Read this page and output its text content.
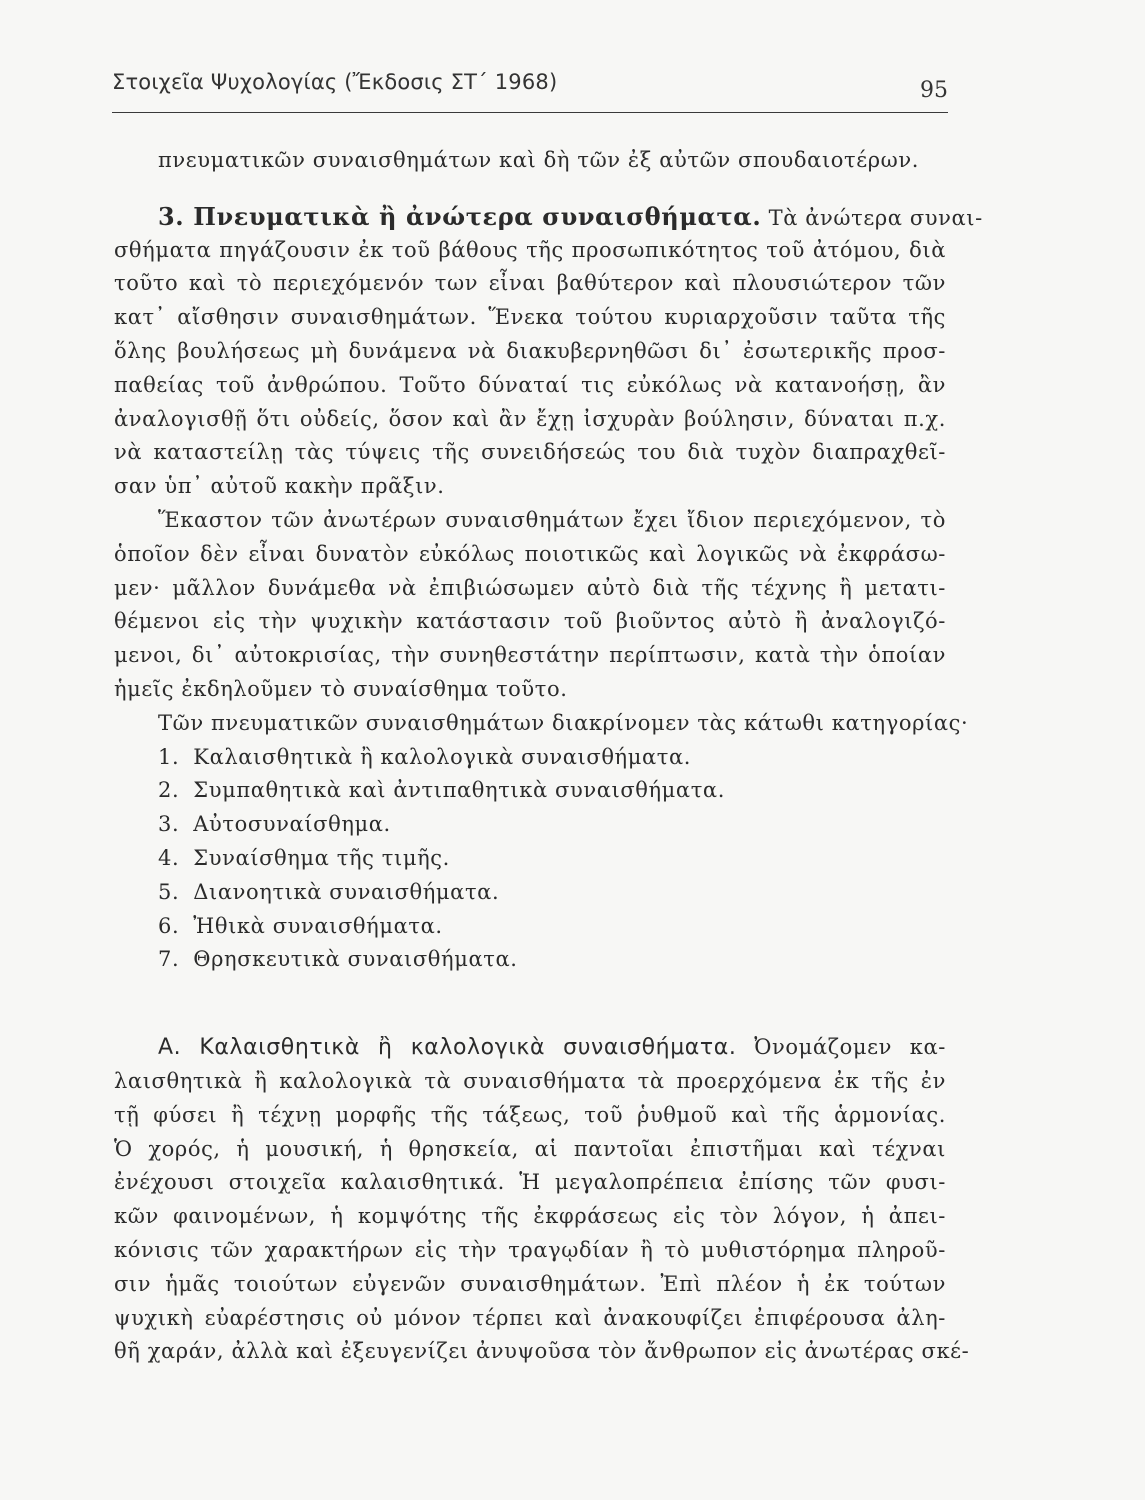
Στοιχεῖα Ψυχολογίας (Ἔκδοσις ΣΤ΄ 1968)	95
πνευματικῶν συναισθημάτων καὶ δὴ τῶν ἐξ αὐτῶν σπουδαιοτέρων.
3. Πνευματικὰ ἢ ἀνώτερα συναισθήματα. Τὰ ἀνώτερα συναι-
σθήματα πηγάζουσιν ἐκ τοῦ βάθους τῆς προσωπικότητος τοῦ ἀτόμου, διὰ
τοῦτο καὶ τὸ περιεχόμενόν των εἶναι βαθύτερον καὶ πλουσιώτερον τῶν
κατ᾽ αἴσθησιν συναισθημάτων. Ἕνεκα τούτου κυριαρχοῦσιν ταῦτα τῆς
ὅλης βουλήσεως μὴ δυνάμενα νὰ διακυβερνηθῶσι δι᾽ ἐσωτερικῆς προσ-
παθείας τοῦ ἀνθρώπου. Τοῦτο δύναταί τις εὐκόλως νὰ κατανοήσῃ, ἂν
ἀναλογισθῇ ὅτι οὐδείς, ὅσον καὶ ἂν ἔχῃ ἰσχυρὰν βούλησιν, δύναται π.χ.
νὰ καταστείλῃ τὰς τύψεις τῆς συνειδήσεώς του διὰ τυχὸν διαπραχθεῖ-
σαν ὑπ᾽ αὐτοῦ κακὴν πρᾶξιν.
Ἕκαστον τῶν ἀνωτέρων συναισθημάτων ἔχει ἴδιον περιεχόμενον, τὸ
ὁποῖον δὲν εἶναι δυνατὸν εὐκόλως ποιοτικῶς καὶ λογικῶς νὰ ἐκφράσω-
μεν· μᾶλλον δυνάμεθα νὰ ἐπιβιώσωμεν αὐτὸ διὰ τῆς τέχνης ἢ μετατι-
θέμενοι εἰς τὴν ψυχικὴν κατάστασιν τοῦ βιοῦντος αὐτὸ ἢ ἀναλογιζό-
μενοι, δι᾽ αὐτοκρισίας, τὴν συνηθεστάτην περίπτωσιν, κατὰ τὴν ὁποίαν
ἡμεῖς ἐκδηλοῦμεν τὸ συναίσθημα τοῦτο.
Τῶν πνευματικῶν συναισθημάτων διακρίνομεν τὰς κάτωθι κατηγορίας·
1. Καλαισθητικὰ ἢ καλολογικὰ συναισθήματα.
2. Συμπαθητικὰ καὶ ἀντιπαθητικὰ συναισθήματα.
3. Αὐτοσυναίσθημα.
4. Συναίσθημα τῆς τιμῆς.
5. Διανοητικὰ συναισθήματα.
6. Ἠθικὰ συναισθήματα.
7. Θρησκευτικὰ συναισθήματα.
Α. Καλαισθητικὰ ἢ καλολογικὰ συναισθήματα. Ὀνομάζομεν κα-
λαισθητικὰ ἢ καλολογικὰ τὰ συναισθήματα τὰ προερχόμενα ἐκ τῆς ἐν
τῇ φύσει ἢ τέχνῃ μορφῆς τῆς τάξεως, τοῦ ῥυθμοῦ καὶ τῆς ἁρμονίας.
Ὁ χορός, ἡ μουσική, ἡ θρησκεία, αἱ παντοῖαι ἐπιστῆμαι καὶ τέχναι
ἐνέχουσι στοιχεῖα καλαισθητικά. Ἡ μεγαλοπρέπεια ἐπίσης τῶν φυσι-
κῶν φαινομένων, ἡ κομψότης τῆς ἐκφράσεως εἰς τὸν λόγον, ἡ ἀπει-
κόνισις τῶν χαρακτήρων εἰς τὴν τραγῳδίαν ἢ τὸ μυθιστόρημα πληροῦ-
σιν ἡμᾶς τοιούτων εὐγενῶν συναισθημάτων. Ἐπὶ πλέον ἡ ἐκ τούτων
ψυχικὴ εὐαρέστησις οὐ μόνον τέρπει καὶ ἀνακουφίζει ἐπιφέρουσα ἀλη-
θῆ χαράν, ἀλλὰ καὶ ἐξευγενίζει ἀνυψοῦσα τὸν ἄνθρωπον εἰς ἀνωτέρας σκέ-
